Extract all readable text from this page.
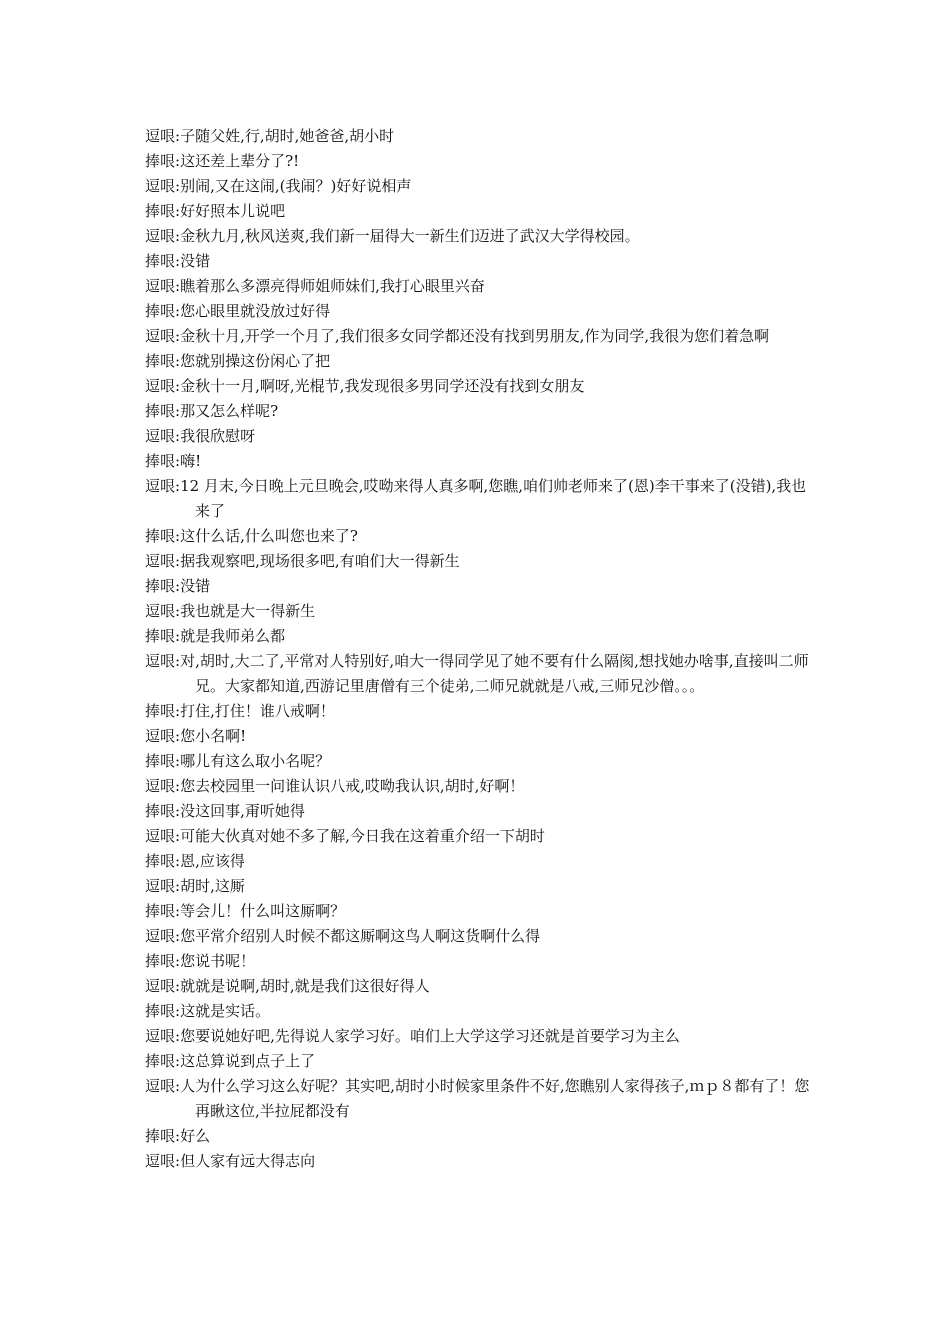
逗哏:子随父姓,行,胡时,她爸爸,胡小时
捧哏:这还差上辈分了?!
逗哏:别闹,又在这闹,(我闹？)好好说相声
捧哏:好好照本儿说吧
逗哏:金秋九月,秋风送爽,我们新一届得大一新生们迈进了武汉大学得校园。
捧哏:没错
逗哏:瞧着那么多漂亮得师姐师妹们,我打心眼里兴奋
捧哏:您心眼里就没放过好得
逗哏:金秋十月,开学一个月了,我们很多女同学都还没有找到男朋友,作为同学,我很为您们着急啊
捧哏:您就别操这份闲心了把
逗哏:金秋十一月,啊呀,光棍节,我发现很多男同学还没有找到女朋友
捧哏:那又怎么样呢?
逗哏:我很欣慰呀
捧哏:嗨!
逗哏:12 月末,今日晚上元旦晚会,哎呦来得人真多啊,您瞧,咱们帅老师来了(恩)李干事来了(没错),我也来了
捧哏:这什么话,什么叫您也来了?
逗哏:据我观察吧,现场很多吧,有咱们大一得新生
捧哏:没错
逗哏:我也就是大一得新生
捧哏:就是我师弟么都
逗哏:对,胡时,大二了,平常对人特别好,咱大一得同学见了她不要有什么隔阂,想找她办啥事,直接叫二师兄。大家都知道,西游记里唐僧有三个徒弟,二师兄就就是八戒,三师兄沙僧。。。
捧哏:打住,打住！谁八戒啊！
逗哏:您小名啊!
捧哏:哪儿有这么取小名呢？
逗哏:您去校园里一问谁认识八戒,哎呦我认识,胡时,好啊！
捧哏:没这回事,甭听她得
逗哏:可能大伙真对她不多了解,今日我在这着重介绍一下胡时
捧哏:恩,应该得
逗哏:胡时,这厮
捧哏:等会儿！什么叫这厮啊？
逗哏:您平常介绍别人时候不都这厮啊这鸟人啊这货啊什么得
捧哏:您说书呢！
逗哏:就就是说啊,胡时,就是我们这很好得人
捧哏:这就是实话。
逗哏:您要说她好吧,先得说人家学习好。咱们上大学这学习还就是首要学习为主么
捧哏:这总算说到点子上了
逗哏:人为什么学习这么好呢？其实吧,胡时小时候家里条件不好,您瞧别人家得孩子,ｍｐ８都有了！您再瞅这位,半拉屁都没有
捧哏:好么
逗哏:但人家有远大得志向
